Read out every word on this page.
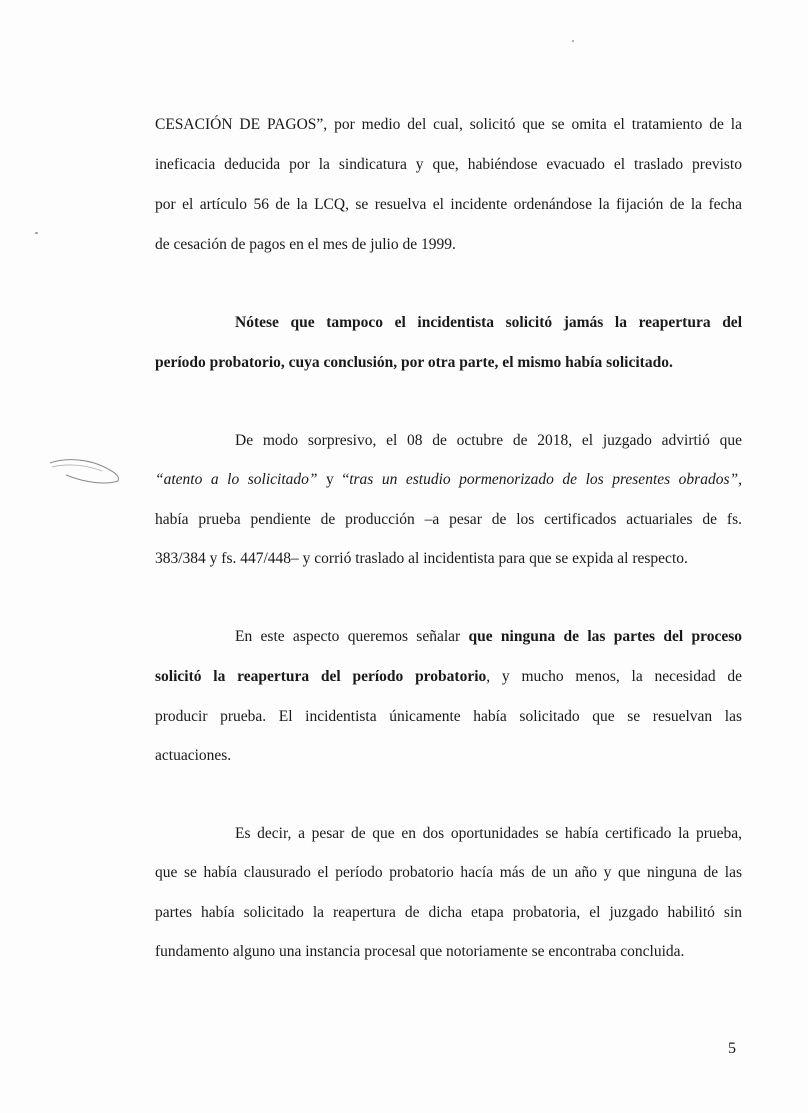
CESACIÓN DE PAGOS”, por medio del cual, solicitó que se omita el tratamiento de la
ineficacia deducida por la sindicatura y que, habiéndose evacuado el traslado previsto
por el artículo 56 de la LCQ, se resuelva el incidente ordenándose la fijación de la fecha
de cesación de pagos en el mes de julio de 1999.
Nótese que tampoco el incidentista solicitó jamás la reapertura del
período probatorio, cuya conclusión, por otra parte, el mismo había solicitado.
De modo sorpresivo, el 08 de octubre de 2018, el juzgado advirtió que
“atento a lo solicitado” y “tras un estudio pormenorizado de los presentes obrados”,
había prueba pendiente de producción –a pesar de los certificados actuariales de fs.
383/384 y fs. 447/448– y corrió traslado al incidentista para que se expida al respecto.
En este aspecto queremos señalar que ninguna de las partes del proceso
solicitó la reapertura del período probatorio, y mucho menos, la necesidad de
producir prueba. El incidentista únicamente había solicitado que se resuelvan las
actuaciones.
Es decir, a pesar de que en dos oportunidades se había certificado la prueba,
que se había clausurado el período probatorio hacía más de un año y que ninguna de las
partes había solicitado la reapertura de dicha etapa probatoria, el juzgado habilitó sin
fundamento alguno una instancia procesal que notoriamente se encontraba concluida.
5
